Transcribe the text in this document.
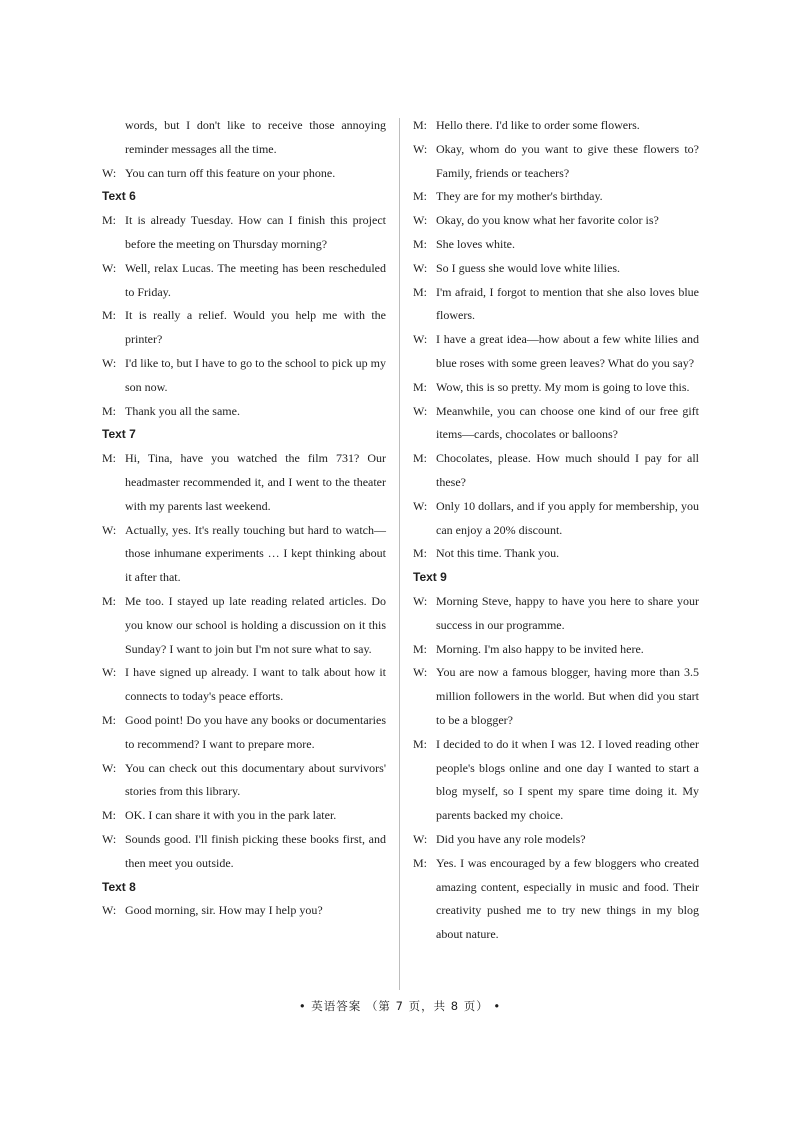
words, but I don't like to receive those annoying reminder messages all the time.
W: You can turn off this feature on your phone.
Text 6
M: It is already Tuesday. How can I finish this project before the meeting on Thursday morning?
W: Well, relax Lucas. The meeting has been rescheduled to Friday.
M: It is really a relief. Would you help me with the printer?
W: I'd like to, but I have to go to the school to pick up my son now.
M: Thank you all the same.
Text 7
M: Hi, Tina, have you watched the film 731? Our headmaster recommended it, and I went to the theater with my parents last weekend.
W: Actually, yes. It's really touching but hard to watch—those inhumane experiments … I kept thinking about it after that.
M: Me too. I stayed up late reading related articles. Do you know our school is holding a discussion on it this Sunday? I want to join but I'm not sure what to say.
W: I have signed up already. I want to talk about how it connects to today's peace efforts.
M: Good point! Do you have any books or documentaries to recommend? I want to prepare more.
W: You can check out this documentary about survivors' stories from this library.
M: OK. I can share it with you in the park later.
W: Sounds good. I'll finish picking these books first, and then meet you outside.
Text 8
W: Good morning, sir. How may I help you?
M: Hello there. I'd like to order some flowers.
W: Okay, whom do you want to give these flowers to? Family, friends or teachers?
M: They are for my mother's birthday.
W: Okay, do you know what her favorite color is?
M: She loves white.
W: So I guess she would love white lilies.
M: I'm afraid, I forgot to mention that she also loves blue flowers.
W: I have a great idea—how about a few white lilies and blue roses with some green leaves? What do you say?
M: Wow, this is so pretty. My mom is going to love this.
W: Meanwhile, you can choose one kind of our free gift items—cards, chocolates or balloons?
M: Chocolates, please. How much should I pay for all these?
W: Only 10 dollars, and if you apply for membership, you can enjoy a 20% discount.
M: Not this time. Thank you.
Text 9
W: Morning Steve, happy to have you here to share your success in our programme.
M: Morning. I'm also happy to be invited here.
W: You are now a famous blogger, having more than 3.5 million followers in the world. But when did you start to be a blogger?
M: I decided to do it when I was 12. I loved reading other people's blogs online and one day I wanted to start a blog myself, so I spent my spare time doing it. My parents backed my choice.
W: Did you have any role models?
M: Yes. I was encouraged by a few bloggers who created amazing content, especially in music and food. Their creativity pushed me to try new things in my blog about nature.
• 英语答案 （第 7 页，共 8 页） •
